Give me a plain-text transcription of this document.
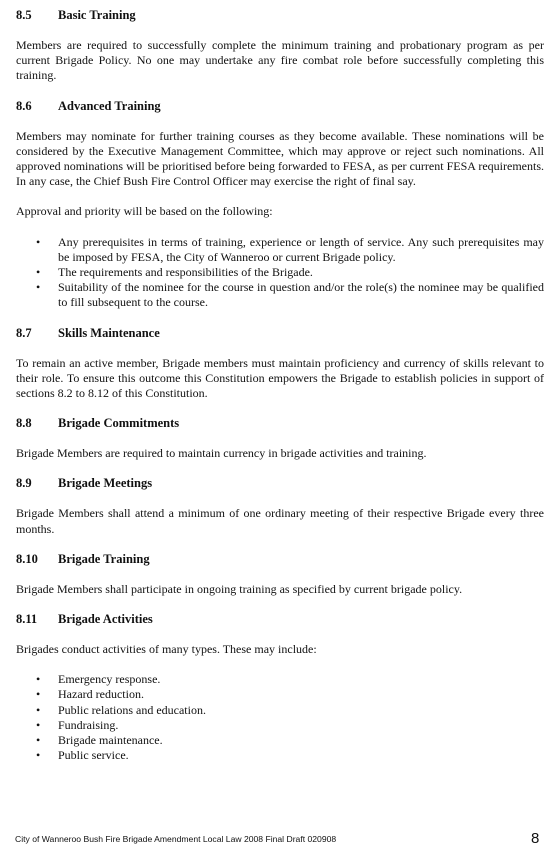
8.5	Basic Training

Members are required to successfully complete the minimum training and probationary program as per current Brigade Policy. No one may undertake any fire combat role before successfully completing this training.

8.6	Advanced Training

Members may nominate for further training courses as they become available. These nominations will be considered by the Executive Management Committee, which may approve or reject such nominations. All approved nominations will be prioritised before being forwarded to FESA, as per current FESA requirements. In any case, the Chief Bush Fire Control Officer may exercise the right of final say.

Approval and priority will be based on the following:

• Any prerequisites in terms of training, experience or length of service. Any such prerequisites may be imposed by FESA, the City of Wanneroo or current Brigade policy.
• The requirements and responsibilities of the Brigade.
• Suitability of the nominee for the course in question and/or the role(s) the nominee may be qualified to fill subsequent to the course.
8.7	Skills Maintenance

To remain an active member, Brigade members must maintain proficiency and currency of skills relevant to their role. To ensure this outcome this Constitution empowers the Brigade to establish policies in support of sections 8.2 to 8.12 of this Constitution.

8.8	Brigade Commitments

Brigade Members are required to maintain currency in brigade activities and training.

8.9	Brigade Meetings

Brigade Members shall attend a minimum of one ordinary meeting of their respective Brigade every three months.

8.10	Brigade Training

Brigade Members shall participate in ongoing training as specified by current brigade policy.

8.11	Brigade Activities

Brigades conduct activities of many types. These may include:

• Emergency response.
• Hazard reduction.
• Public relations and education.
• Fundraising.
• Brigade maintenance.
• Public service.
City of Wanneroo Bush Fire Brigade Amendment Local Law 2008 Final Draft 020908	8
